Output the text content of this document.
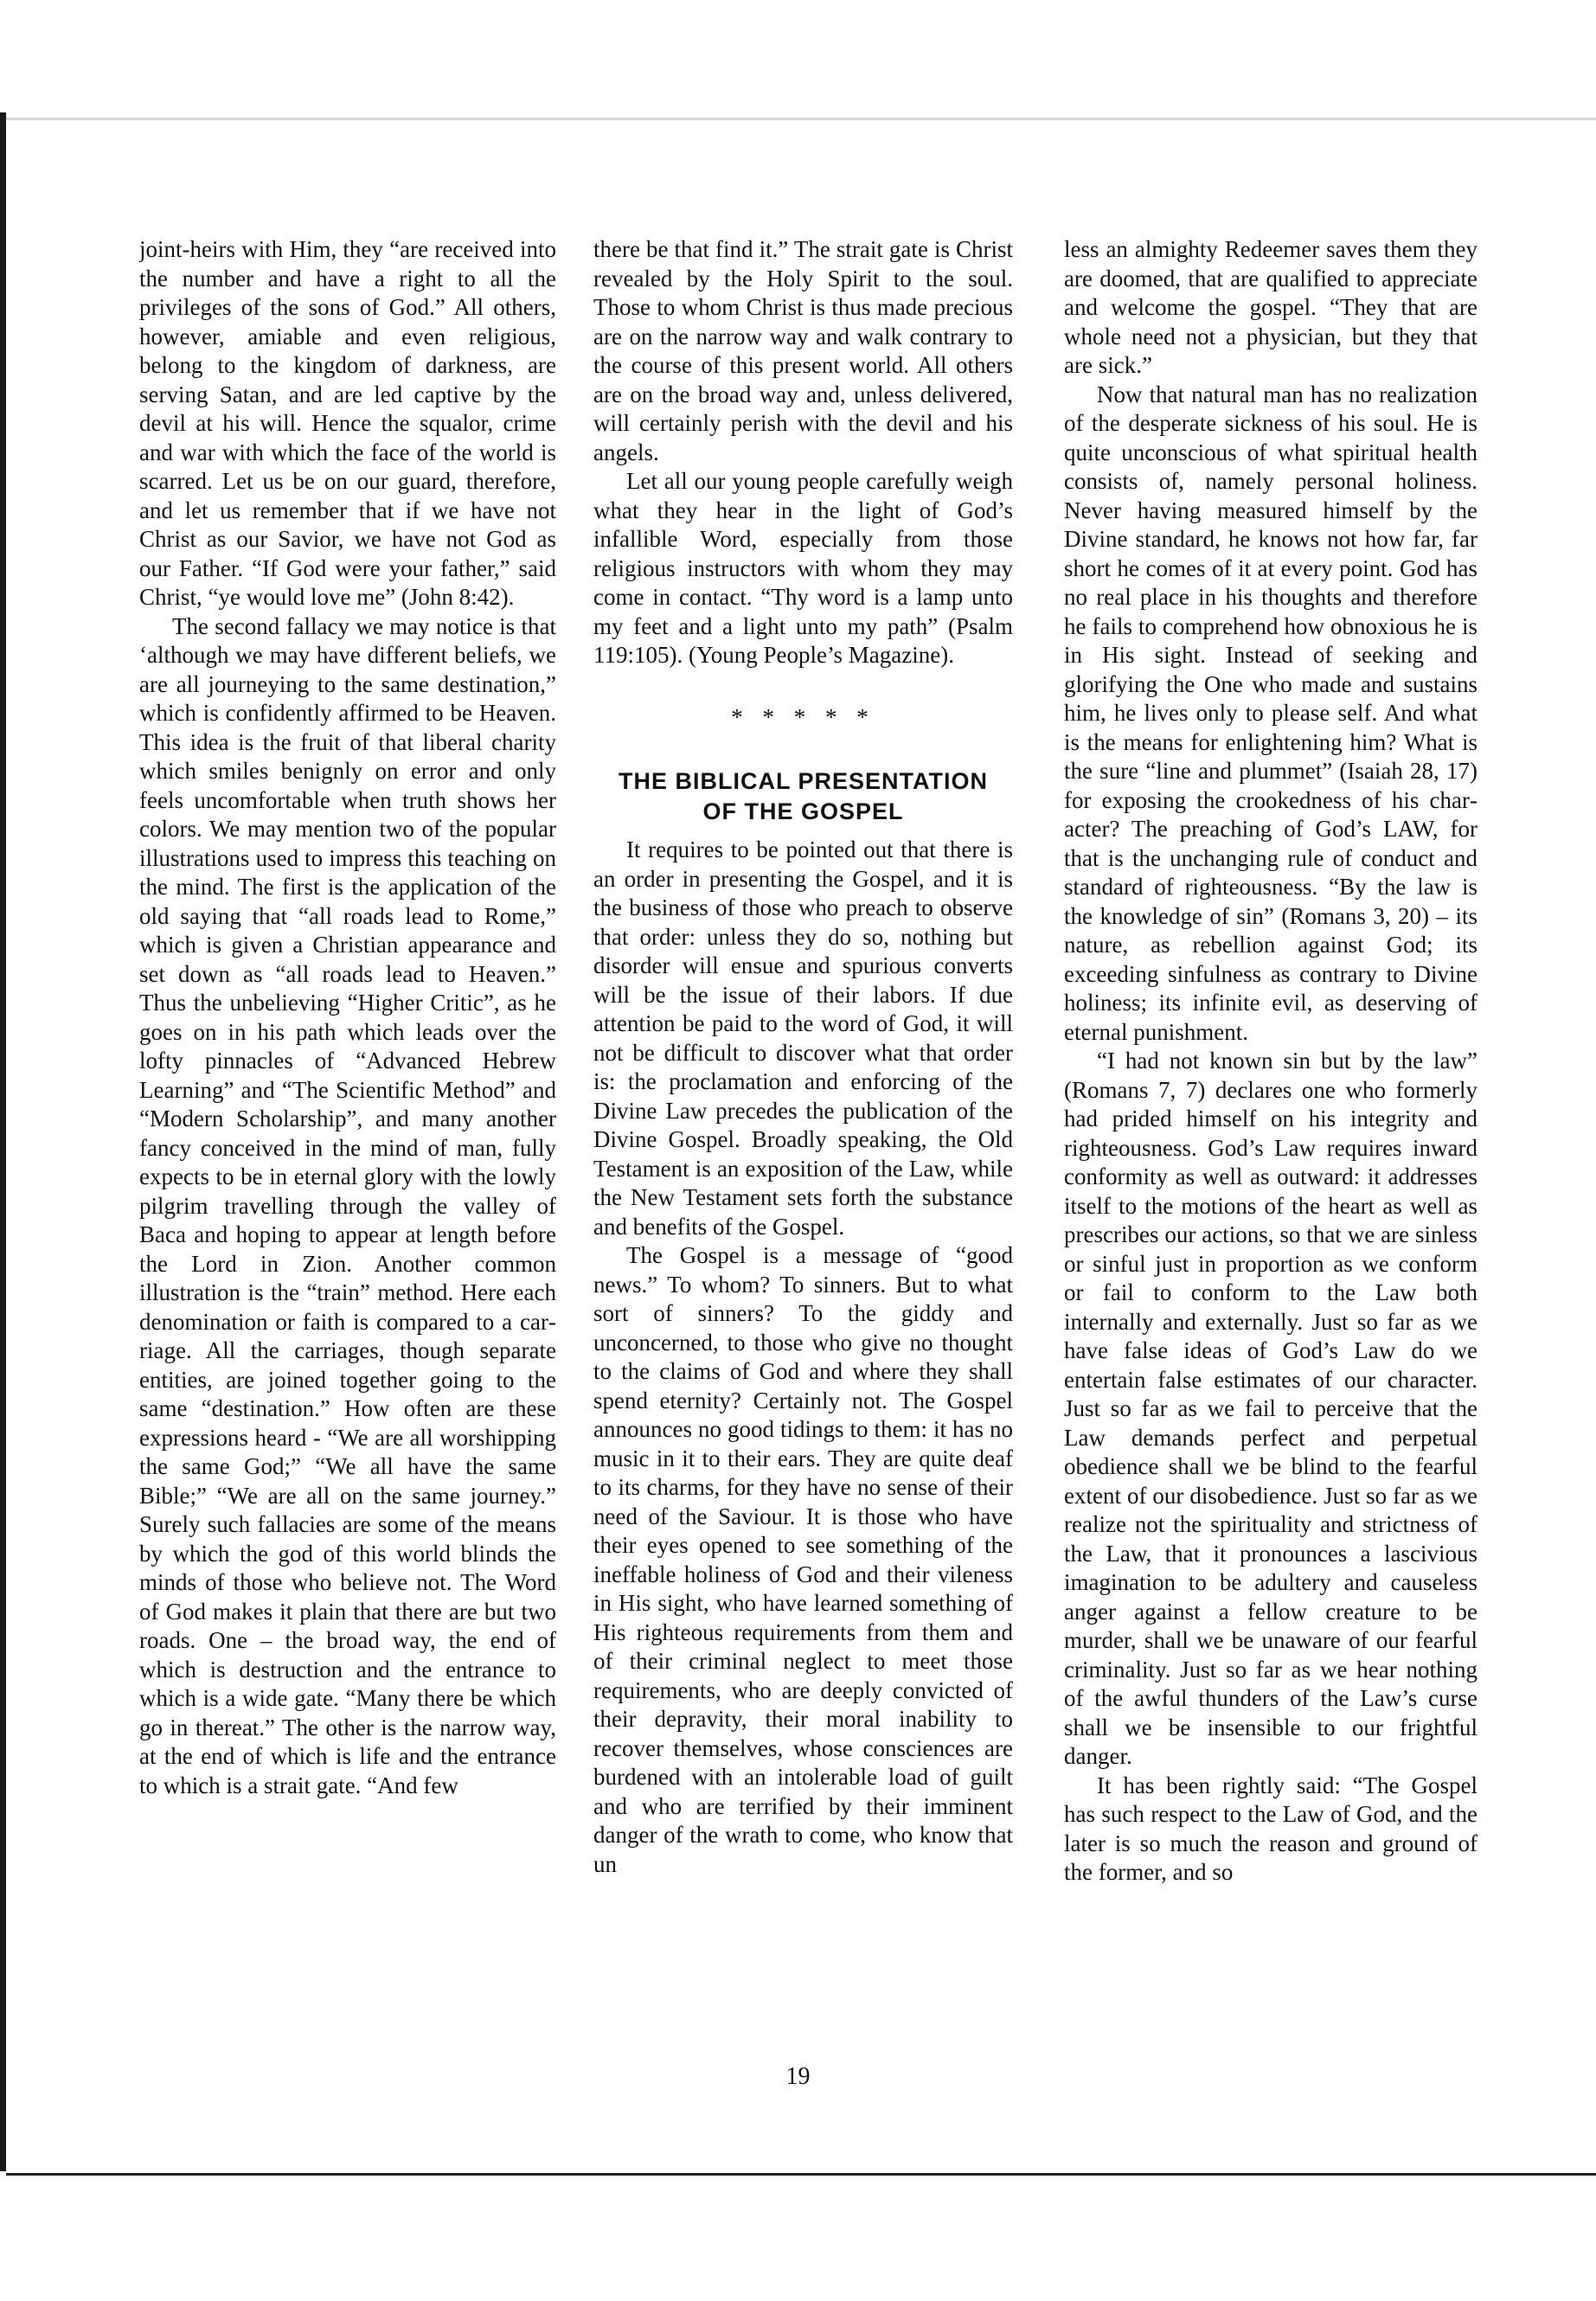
joint-heirs with Him, they “are received into the number and have a right to all the privileges of the sons of God.” All others, however, amiable and even religious, belong to the kingdom of darkness, are serving Satan, and are led captive by the devil at his will. Hence the squalor, crime and war with which the face of the world is scarred. Let us be on our guard, therefore, and let us remember that if we have not Christ as our Savior, we have not God as our Father. “If God were your father,” said Christ, “ye would love me” (John 8:42).

The second fallacy we may notice is that ‘although we may have different beliefs, we are all journeying to the same destination,” which is confidently affirmed to be Heaven. This idea is the fruit of that liberal charity which smiles benignly on error and only feels uncomfortable when truth shows her colors. We may mention two of the popular illustrations used to impress this teaching on the mind. The first is the application of the old saying that “all roads lead to Rome,” which is given a Christian appearance and set down as “all roads lead to Heaven.” Thus the unbelieving “Higher Critic”, as he goes on in his path which leads over the lofty pinnacles of “Advanced Hebrew Learning” and “The Scientific Method” and “Modern Scholarship”, and many another fancy conceived in the mind of man, fully expects to be in eternal glory with the lowly pilgrim travelling through the valley of Baca and hoping to appear at length before the Lord in Zion. Another common illustration is the “train” method. Here each denomination or faith is compared to a carriage. All the carriages, though separate entities, are joined together going to the same “destination.” How often are these expressions heard - “We are all worshipping the same God;” “We all have the same Bible;” “We are all on the same journey.” Surely such fallacies are some of the means by which the god of this world blinds the minds of those who believe not. The Word of God makes it plain that there are but two roads. One – the broad way, the end of which is destruction and the entrance to which is a wide gate. “Many there be which go in thereat.” The other is the narrow way, at the end of which is life and the entrance to which is a strait gate. “And few

there be that find it.” The strait gate is Christ revealed by the Holy Spirit to the soul. Those to whom Christ is thus made precious are on the narrow way and walk contrary to the course of this present world. All others are on the broad way and, unless delivered, will certainly perish with the devil and his angels.

Let all our young people carefully weigh what they hear in the light of God’s infallible Word, especially from those religious instructors with whom they may come in contact. “Thy word is a lamp unto my feet and a light unto my path” (Psalm 119:105). (Young People’s Magazine).

* * * * *
THE BIBLICAL PRESENTATION
OF THE GOSPEL

It requires to be pointed out that there is an order in presenting the Gospel, and it is the business of those who preach to observe that order: unless they do so, nothing but disorder will ensue and spurious converts will be the issue of their labors. If due attention be paid to the word of God, it will not be difficult to discover what that order is: the proclamation and enforcing of the Divine Law precedes the publication of the Divine Gospel. Broadly speaking, the Old Testament is an exposition of the Law, while the New Testament sets forth the substance and benefits of the Gospel.

The Gospel is a message of “good news.” To whom? To sinners. But to what sort of sinners? To the giddy and unconcerned, to those who give no thought to the claims of God and where they shall spend eternity? Certainly not. The Gospel announces no good tidings to them: it has no music in it to their ears. They are quite deaf to its charms, for they have no sense of their need of the Saviour. It is those who have their eyes opened to see something of the ineffable holiness of God and their vileness in His sight, who have learned something of His righteous requirements from them and of their criminal neglect to meet those requirements, who are deeply convicted of their depravity, their moral inability to recover themselves, whose consciences are burdened with an intolerable load of guilt and who are terrified by their imminent danger of the wrath to come, who know that un

less an almighty Redeemer saves them they are doomed, that are qualified to appreciate and welcome the gospel. “They that are whole need not a physician, but they that are sick.”

Now that natural man has no realization of the desperate sickness of his soul. He is quite unconscious of what spiritual health consists of, namely personal holiness. Never having measured himself by the Divine standard, he knows not how far, far short he comes of it at every point. God has no real place in his thoughts and therefore he fails to comprehend how obnoxious he is in His sight. Instead of seeking and glorifying the One who made and sustains him, he lives only to please self. And what is the means for enlightening him? What is the sure “line and plummet” (Isaiah 28, 17) for exposing the crookedness of his character? The preaching of God’s LAW, for that is the unchanging rule of conduct and standard of righteousness. “By the law is the knowledge of sin” (Romans 3, 20) – its nature, as rebellion against God; its exceeding sinfulness as contrary to Divine holiness; its infinite evil, as deserving of eternal punishment.

“I had not known sin but by the law” (Romans 7, 7) declares one who formerly had prided himself on his integrity and righteousness. God’s Law requires inward conformity as well as outward: it addresses itself to the motions of the heart as well as prescribes our actions, so that we are sinless or sinful just in proportion as we conform or fail to conform to the Law both internally and externally. Just so far as we have false ideas of God’s Law do we entertain false estimates of our character. Just so far as we fail to perceive that the Law demands perfect and perpetual obedience shall we be blind to the fearful extent of our disobedience. Just so far as we realize not the spirituality and strictness of the Law, that it pronounces a lascivious imagination to be adultery and causeless anger against a fellow creature to be murder, shall we be unaware of our fearful criminality. Just so far as we hear nothing of the awful thunders of the Law’s curse shall we be insensible to our frightful danger.

It has been rightly said: “The Gospel has such respect to the Law of God, and the later is so much the reason and ground of the former, and so

19
